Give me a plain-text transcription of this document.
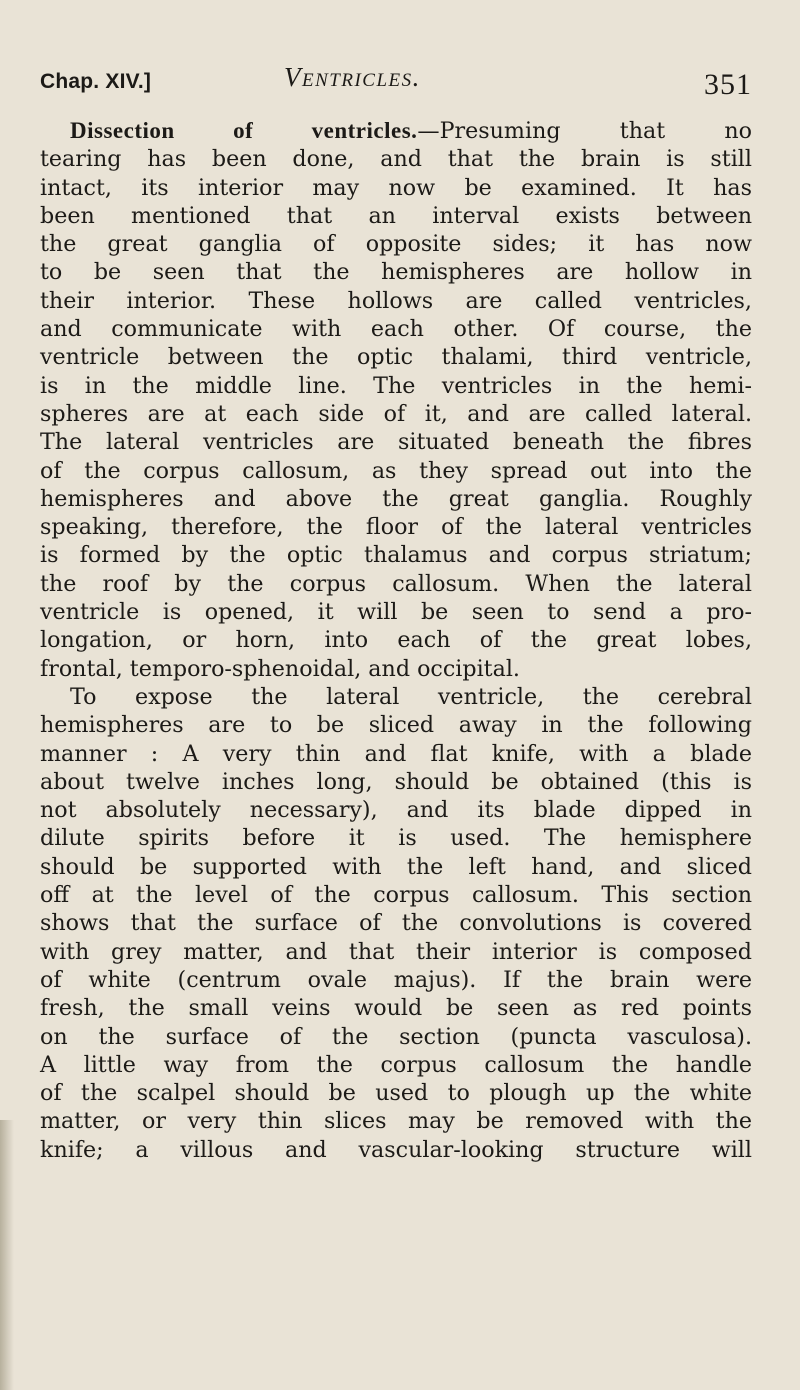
Chap. XIV.]	Ventricles.	351
Dissection of ventricles.—Presuming that no
tearing has been done, and that the brain is still
intact, its interior may now be examined. It has
been mentioned that an interval exists between
the great ganglia of opposite sides; it has now
to be seen that the hemispheres are hollow in
their interior. These hollows are called ventricles,
and communicate with each other. Of course, the
ventricle between the optic thalami, third ventricle,
is in the middle line. The ventricles in the hemi-
spheres are at each side of it, and are called lateral.
The lateral ventricles are situated beneath the fibres
of the corpus callosum, as they spread out into the
hemispheres and above the great ganglia. Roughly
speaking, therefore, the floor of the lateral ventricles
is formed by the optic thalamus and corpus striatum;
the roof by the corpus callosum. When the lateral
ventricle is opened, it will be seen to send a pro-
longation, or horn, into each of the great lobes,
frontal, temporo-sphenoidal, and occipital.
To expose the lateral ventricle, the cerebral
hemispheres are to be sliced away in the following
manner : A very thin and flat knife, with a blade
about twelve inches long, should be obtained (this is
not absolutely necessary), and its blade dipped in
dilute spirits before it is used. The hemisphere
should be supported with the left hand, and sliced
off at the level of the corpus callosum. This section
shows that the surface of the convolutions is covered
with grey matter, and that their interior is composed
of white (centrum ovale majus). If the brain were
fresh, the small veins would be seen as red points
on the surface of the section (puncta vasculosa).
A little way from the corpus callosum the handle
of the scalpel should be used to plough up the white
matter, or very thin slices may be removed with the
knife; a villous and vascular-looking structure will
